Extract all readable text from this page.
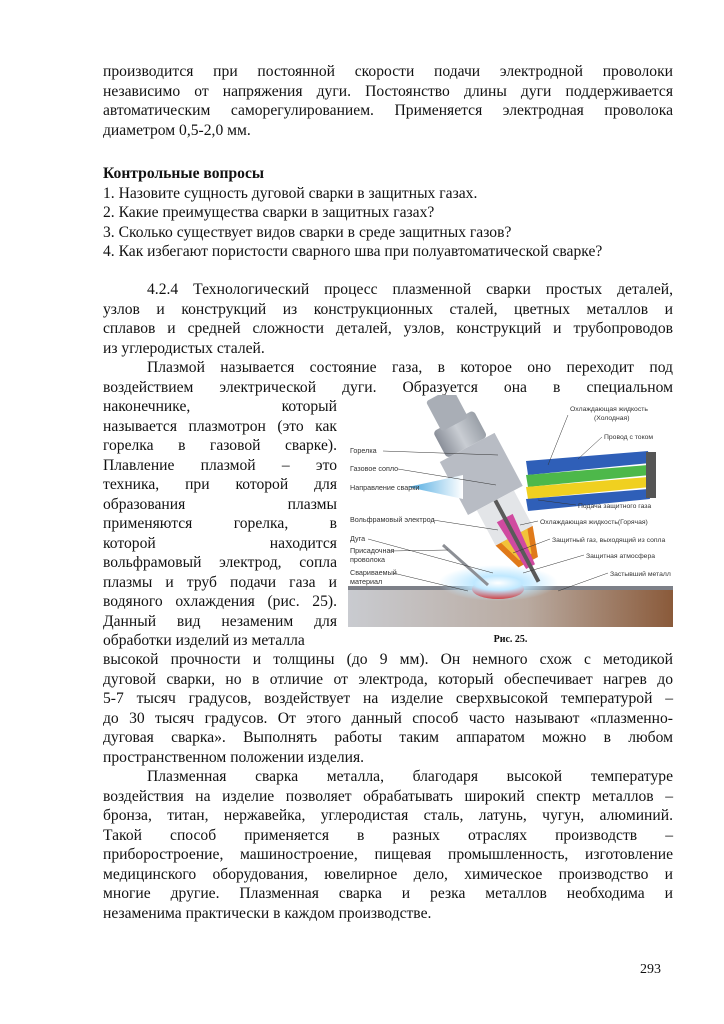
производится при постоянной скорости подачи электродной проволоки
независимо от напряжения дуги. Постоянство длины дуги поддерживается
автоматическим саморегулированием. Применяется электродная проволока
диаметром 0,5-2,0 мм.
Контрольные вопросы
1. Назовите сущность дуговой сварки в защитных газах.
2. Какие преимущества сварки в защитных газах?
3. Сколько существует видов сварки в среде защитных газов?
4. Как избегают пористости сварного шва при полуавтоматической сварке?
4.2.4 Технологический процесс плазменной сварки простых деталей,
узлов и конструкций из конструкционных сталей, цветных металлов и
сплавов и средней сложности деталей, узлов, конструкций и трубопроводов
из углеродистых сталей.
Плазмой называется состояние газа, в которое оно переходит под
воздействием электрической дуги. Образуется она в специальном
наконечнике, который
называется плазмотрон (это как
горелка в газовой сварке).
Плавление плазмой – это
техника, при которой для
образования плазмы
применяются горелка, в
которой находится
вольфрамовый электрод, сопла
плазмы и труб подачи газа и
водяного охлаждения (рис. 25).
Данный вид незаменим для
обработки изделий из металла
Горелка
Газовое сопло
Направление сварки
Вольфрамовый электрод
Дуга
Присадочная
проволока
Свариваемый
материал
Охлаждающая жидкость
(Холодная)
Провод с током
Подача защитного газа
Охлаждающая жидкость(Горячая)
Защитный газ, выходящий из сопла
Защитная атмосфера
Застывший металл
Рис. 25.
высокой прочности и толщины (до 9 мм). Он немного схож с методикой
дуговой сварки, но в отличие от электрода, который обеспечивает нагрев до
5-7 тысяч градусов, воздействует на изделие сверхвысокой температурой –
до 30 тысяч градусов. От этого данный способ часто называют «плазменно-
дуговая сварка». Выполнять работы таким аппаратом можно в любом
пространственном положении изделия.
Плазменная сварка металла, благодаря высокой температуре
воздействия на изделие позволяет обрабатывать широкий спектр металлов –
бронза, титан, нержавейка, углеродистая сталь, латунь, чугун, алюминий.
Такой способ применяется в разных отраслях производств –
приборостроение, машиностроение, пищевая промышленность, изготовление
медицинского оборудования, ювелирное дело, химическое производство и
многие другие. Плазменная сварка и резка металлов необходима и
незаменима практически в каждом производстве.
293
